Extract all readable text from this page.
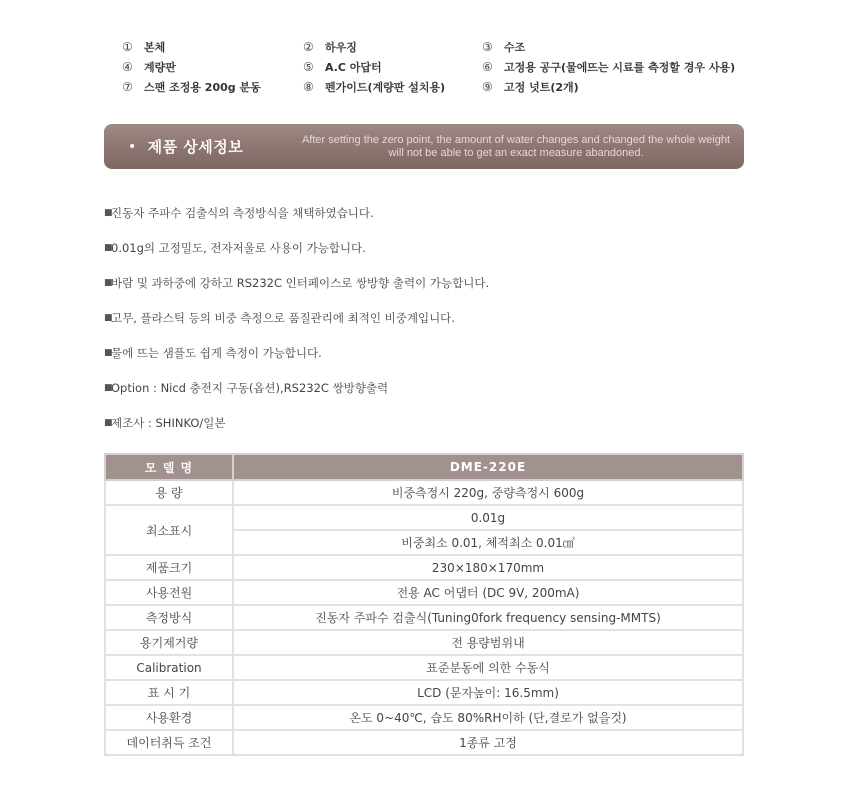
①	본체	②	하우징	③	수조
④	계량판	⑤	A.C 아답터	⑥	고정용 공구(물에뜨는 시료를 측정할 경우 사용)
⑦	스팬 조정용 200g 분동	⑧	펜가이드(계량판 설치용)	⑨	고정 넛트(2개)
• 제품 상세정보	After setting the zero point, the amount of water changes and changed the whole weight
will not be able to get an exact measure abandoned.
■
진동자 주파수 검출식의 측정방식을 채택하였습니다.
■
0.01g의 고정밀도, 전자저울로 사용이 가능합니다.
■
바람 및 과하중에 강하고 RS232C 인터페이스로 쌍방향 출력이 가능합니다.
■
고무, 플라스틱 등의 비중 측정으로 품질관리에 최적인 비중계입니다.
■
물에 뜨는 샘플도 쉽게 측정이 가능합니다.
■
Option : Nicd 충전지 구동(옵션),RS232C 쌍방향출력
■
제조사 : SHINKO/일본
모 델 명	DME-220E
용 량	비중측정시 220g, 중량측정시 600g
최소표시	0.01g
	비중최소 0.01, 체적최소 0.01㎤
제품크기	230×180×170mm
사용전원	전용 AC 어댑터 (DC 9V, 200mA)
측정방식	진동자 주파수 검출식(Tuning0fork frequency sensing-MMTS)
용기제거량	전 용량범위내
Calibration	표준분동에 의한 수동식
표 시 기	LCD (문자높이: 16.5mm)
사용환경	온도 0~40℃, 습도 80%RH이하 (단,결로가 없을것)
데이터취득 조건	1종류 고정
